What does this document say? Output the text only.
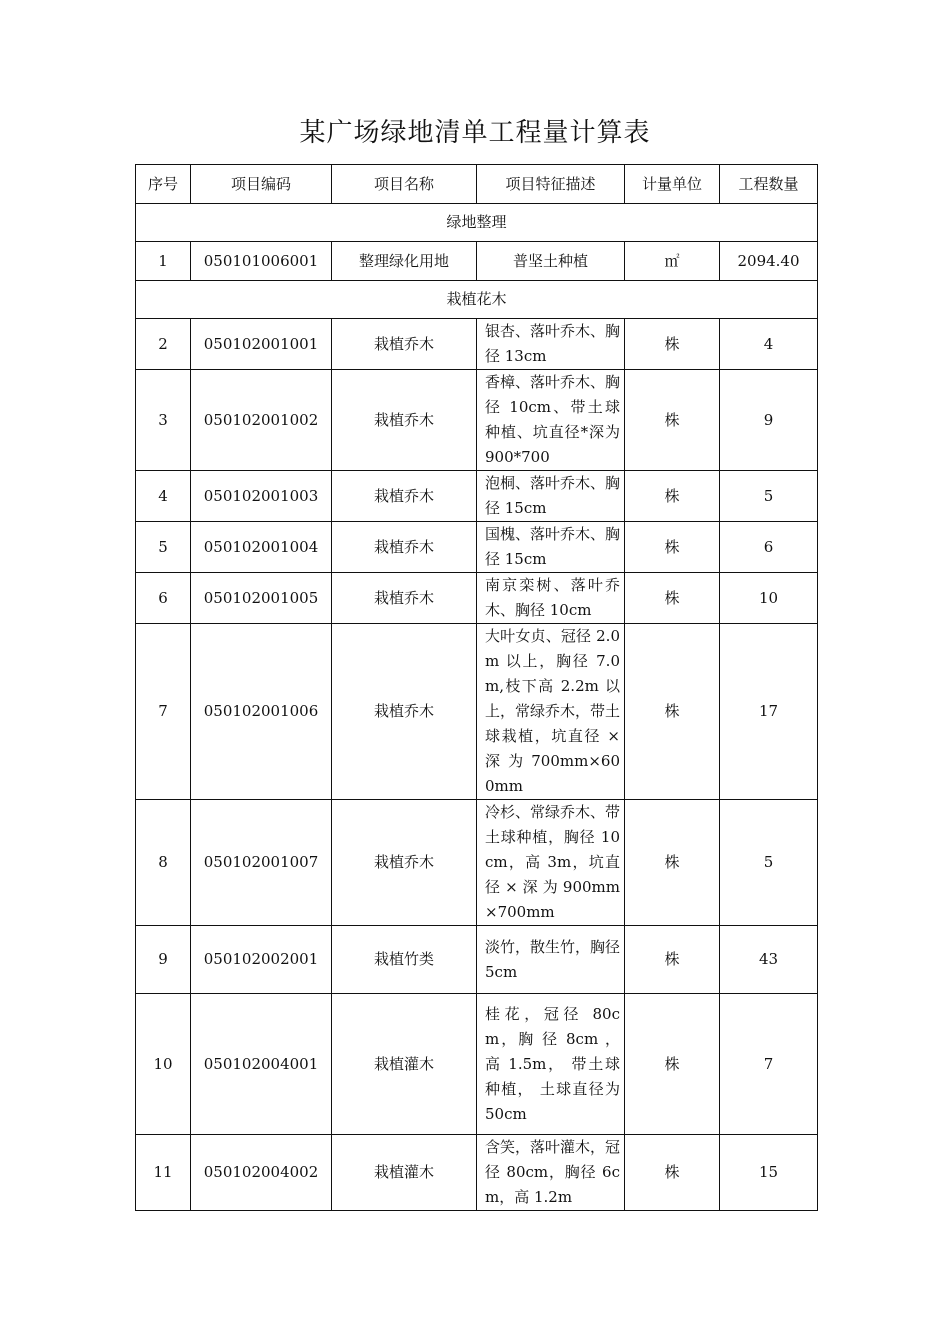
某广场绿地清单工程量计算表
序号	项目编码	项目名称	项目特征描述	计量单位	工程数量
绿地整理					
1	050101006001	整理绿化用地	普坚土种植	㎡	2094.40
栽植花木					
2	050102001001	栽植乔木	银杏、落叶乔木、胸径 13cm	株	4
3	050102001002	栽植乔木	香樟、落叶乔木、胸径 10cm、带土球种植、坑直径*深为 900*700	株	9
4	050102001003	栽植乔木	泡桐、落叶乔木、胸径 15cm	株	5
5	050102001004	栽植乔木	国槐、落叶乔木、胸径 15cm	株	6
6	050102001005	栽植乔木	南京栾树、落叶乔木、胸径 10cm	株	10
7	050102001006	栽植乔木	大叶女贞、冠径 2.0m 以上，胸径 7.0m,枝下高 2.2m 以上，常绿乔木，带土球栽植，坑直径 × 深 为 700mm×600mm	株	17
8	050102001007	栽植乔木	冷杉、常绿乔木、带土球种植，胸径 10cm，高 3m，坑直 径 × 深 为 900mm×700mm	株	5
9	050102002001	栽植竹类	淡竹，散生竹，胸径 5cm	株	43
10	050102004001	栽植灌木	桂花，冠径 80cm，胸 径 8cm ， 高 1.5m， 带土球种植， 土球直径为 50cm	株	7
11	050102004002	栽植灌木	含笑，落叶灌木，冠径 80cm，胸径 6cm，高 1.2m	株	15
